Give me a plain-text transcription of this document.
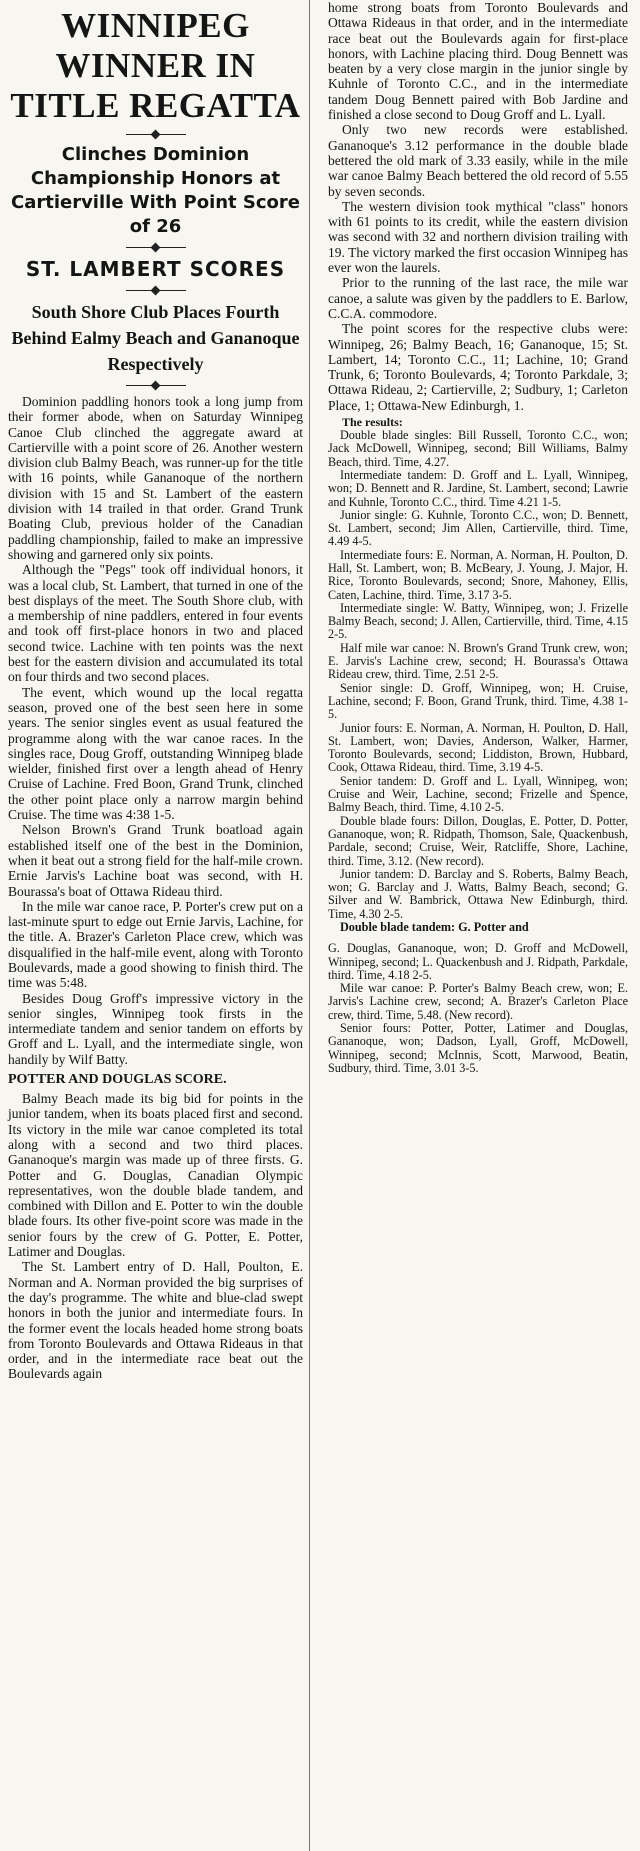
WINNIPEG WINNER IN TITLE REGATTA
Clinches Dominion Championship Honors at Cartierville With Point Score of 26
ST. LAMBERT SCORES
South Shore Club Places Fourth Behind Ealmy Beach and Gananoque Respectively

Dominion paddling honors took a long jump from their former abode, when on Saturday Winnipeg Canoe Club clinched the aggregate award at Cartierville with a point score of 26. Another western division club Balmy Beach, was runner-up for the title with 16 points, while Gananoque of the northern division with 15 and St. Lambert of the eastern division with 14 trailed in that order. Grand Trunk Boating Club, previous holder of the Canadian paddling championship, failed to make an impressive showing and garnered only six points.

Although the "Pegs" took off individual honors, it was a local club, St. Lambert, that turned in one of the best displays of the meet. The South Shore club, with a membership of nine paddlers, entered in four events and took off first-place honors in two and placed second twice. Lachine with ten points was the next best for the eastern division and accumulated its total on four thirds and two second places.

The event, which wound up the local regatta season, proved one of the best seen here in some years. The senior singles event as usual featured the programme along with the war canoe races. In the singles race, Doug Groff, outstanding Winnipeg blade wielder, finished first over a length ahead of Henry Cruise of Lachine. Fred Boon, Grand Trunk, clinched the other point place only a narrow margin behind Cruise. The time was 4:38 1-5.

Nelson Brown's Grand Trunk boatload again established itself one of the best in the Dominion, when it beat out a strong field for the half-mile crown. Ernie Jarvis's Lachine boat was second, with H. Bourassa's boat of Ottawa Rideau third.

In the mile war canoe race, P. Porter's crew put on a last-minute spurt to edge out Ernie Jarvis, Lachine, for the title. A. Brazer's Carleton Place crew, which was disqualified in the half-mile event, along with Toronto Boulevards, made a good showing to finish third. The time was 5:48.

Besides Doug Groff's impressive victory in the senior singles, Winnipeg took firsts in the intermediate tandem and senior tandem on efforts by Groff and L. Lyall, and the intermediate single, won handily by Wilf Batty.

POTTER AND DOUGLAS SCORE.

Balmy Beach made its big bid for points in the junior tandem, when its boats placed first and second. Its victory in the mile war canoe completed its total along with a second and two third places. Gananoque's margin was made up of three firsts. G. Potter and G. Douglas, Canadian Olympic representatives, won the double blade tandem, and combined with Dillon and E. Potter to win the double blade fours. Its other five-point score was made in the senior fours by the crew of G. Potter, E. Potter, Latimer and Douglas.

The St. Lambert entry of D. Hall, Poulton, E. Norman and A. Norman provided the big surprises of the day's programme. The white and blue-clad swept honors in both the junior and intermediate fours. In the former event the locals headed home strong boats from Toronto Boulevards and Ottawa Rideaus in that order, and in the intermediate race beat out the Boulevards again

home strong boats from Toronto Boulevards and Ottawa Rideaus in that order, and in the intermediate race beat out the Boulevards again for first-place honors, with Lachine placing third. Doug Bennett was beaten by a very close margin in the junior single by Kuhnle of Toronto C.C., and in the intermediate tandem Doug Bennett paired with Bob Jardine and finished a close second to Doug Groff and L. Lyall.

Only two new records were established. Gananoque's 3.12 performance in the double blade bettered the old mark of 3.33 easily, while in the mile war canoe Balmy Beach bettered the old record of 5.55 by seven seconds.

The western division took mythical "class" honors with 61 points to its credit, while the eastern division was second with 32 and northern division trailing with 19. The victory marked the first occasion Winnipeg has ever won the laurels.

Prior to the running of the last race, the mile war canoe, a salute was given by the paddlers to E. Barlow, C.C.A. commodore.

The point scores for the respective clubs were: Winnipeg, 26; Balmy Beach, 16; Gananoque, 15; St. Lambert, 14; Toronto C.C., 11; Lachine, 10; Grand Trunk, 6; Toronto Boulevards, 4; Toronto Parkdale, 3; Ottawa Rideau, 2; Cartierville, 2; Sudbury, 1; Carleton Place, 1; Ottawa-New Edinburgh, 1.

The results:

Double blade singles: Bill Russell, Toronto C.C., won; Jack McDowell, Winnipeg, second; Bill Williams, Balmy Beach, third. Time, 4.27.

Intermediate tandem: D. Groff and L. Lyall, Winnipeg, won; D. Bennett and R. Jardine, St. Lambert, second; Lawrie and Kuhnle, Toronto C.C., third. Time 4.21 1-5.

Junior single: G. Kuhnle, Toronto C.C., won; D. Bennett, St. Lambert, second; Jim Allen, Cartierville, third. Time, 4.49 4-5.

Intermediate fours: E. Norman, A. Norman, H. Poulton, D. Hall, St. Lambert, won; B. McBeary, J. Young, J. Major, H. Rice, Toronto Boulevards, second; Snore, Mahoney, Ellis, Caten, Lachine, third. Time, 3.17 3-5.

Intermediate single: W. Batty, Winnipeg, won; J. Frizelle Balmy Beach, second; J. Allen, Cartierville, third. Time, 4.15 2-5.

Half mile war canoe: N. Brown's Grand Trunk crew, won; E. Jarvis's Lachine crew, second; H. Bourassa's Ottawa Rideau crew, third. Time, 2.51 2-5.

Senior single: D. Groff, Winnipeg, won; H. Cruise, Lachine, second; F. Boon, Grand Trunk, third. Time, 4.38 1-5.

Junior fours: E. Norman, A. Norman, H. Poulton, D. Hall, St. Lambert, won; Davies, Anderson, Walker, Harmer, Toronto Boulevards, second; Liddiston, Brown, Hubbard, Cook, Ottawa Rideau, third. Time, 3.19 4-5.

Senior tandem: D. Groff and L. Lyall, Winnipeg, won; Cruise and Weir, Lachine, second; Frizelle and Spence, Balmy Beach, third. Time, 4.10 2-5.

Double blade fours: Dillon, Douglas, E. Potter, D. Potter, Gananoque, won; R. Ridpath, Thomson, Sale, Quackenbush, Pardale, second; Cruise, Weir, Ratcliffe, Shore, Lachine, third. Time, 3.12. (New record).

Junior tandem: D. Barclay and S. Roberts, Balmy Beach, won; G. Barclay and J. Watts, Balmy Beach, second; G. Silver and W. Bambrick, Ottawa New Edinburgh, third. Time, 4.30 2-5.

Double blade tandem: G. Potter and

G. Douglas, Gananoque, won; D. Groff and McDowell, Winnipeg, second; L. Quackenbush and J. Ridpath, Parkdale, third. Time, 4.18 2-5.

Mile war canoe: P. Porter's Balmy Beach crew, won; E. Jarvis's Lachine crew, second; A. Brazer's Carleton Place crew, third. Time, 5.48. (New record).

Senior fours: Potter, Potter, Latimer and Douglas, Gananoque, won; Dadson, Lyall, Groff, McDowell, Winnipeg, second; McInnis, Scott, Marwood, Beatin, Sudbury, third. Time, 3.01 3-5.
